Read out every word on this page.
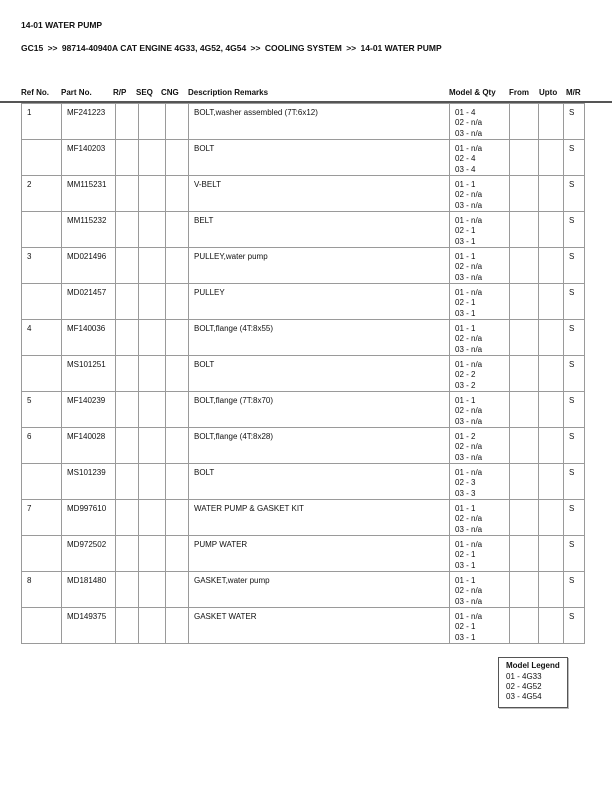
14-01 WATER PUMP
GC15 >> 98714-40940A CAT ENGINE 4G33, 4G52, 4G54 >> COOLING SYSTEM >> 14-01 WATER PUMP
Ref No. Part No.	R/P SEQ CNG Description Remarks	Model & Qty From Upto M/R
1	MF241223				BOLT,washer assembled (7T:6x12)	01 - 4
02 - n/a
03 - n/a			S
	MF140203				BOLT	01 - n/a
02 - 4
03 - 4			S
2	MM115231				V-BELT	01 - 1
02 - n/a
03 - n/a			S
	MM115232				BELT	01 - n/a
02 - 1
03 - 1			S
3	MD021496				PULLEY,water pump	01 - 1
02 - n/a
03 - n/a			S
	MD021457				PULLEY	01 - n/a
02 - 1
03 - 1			S
4	MF140036				BOLT,flange (4T:8x55)	01 - 1
02 - n/a
03 - n/a			S
	MS101251				BOLT	01 - n/a
02 - 2
03 - 2			S
5	MF140239				BOLT,flange (7T:8x70)	01 - 1
02 - n/a
03 - n/a			S
6	MF140028				BOLT,flange (4T:8x28)	01 - 2
02 - n/a
03 - n/a			S
	MS101239				BOLT	01 - n/a
02 - 3
03 - 3			S
7	MD997610				WATER PUMP & GASKET KIT	01 - 1
02 - n/a
03 - n/a			S
	MD972502				PUMP WATER	01 - n/a
02 - 1
03 - 1			S
8	MD181480				GASKET,water pump	01 - 1
02 - n/a
03 - n/a			S
	MD149375				GASKET WATER	01 - n/a
02 - 1
03 - 1			S
Model Legend
01 - 4G33
02 - 4G52
03 - 4G54
